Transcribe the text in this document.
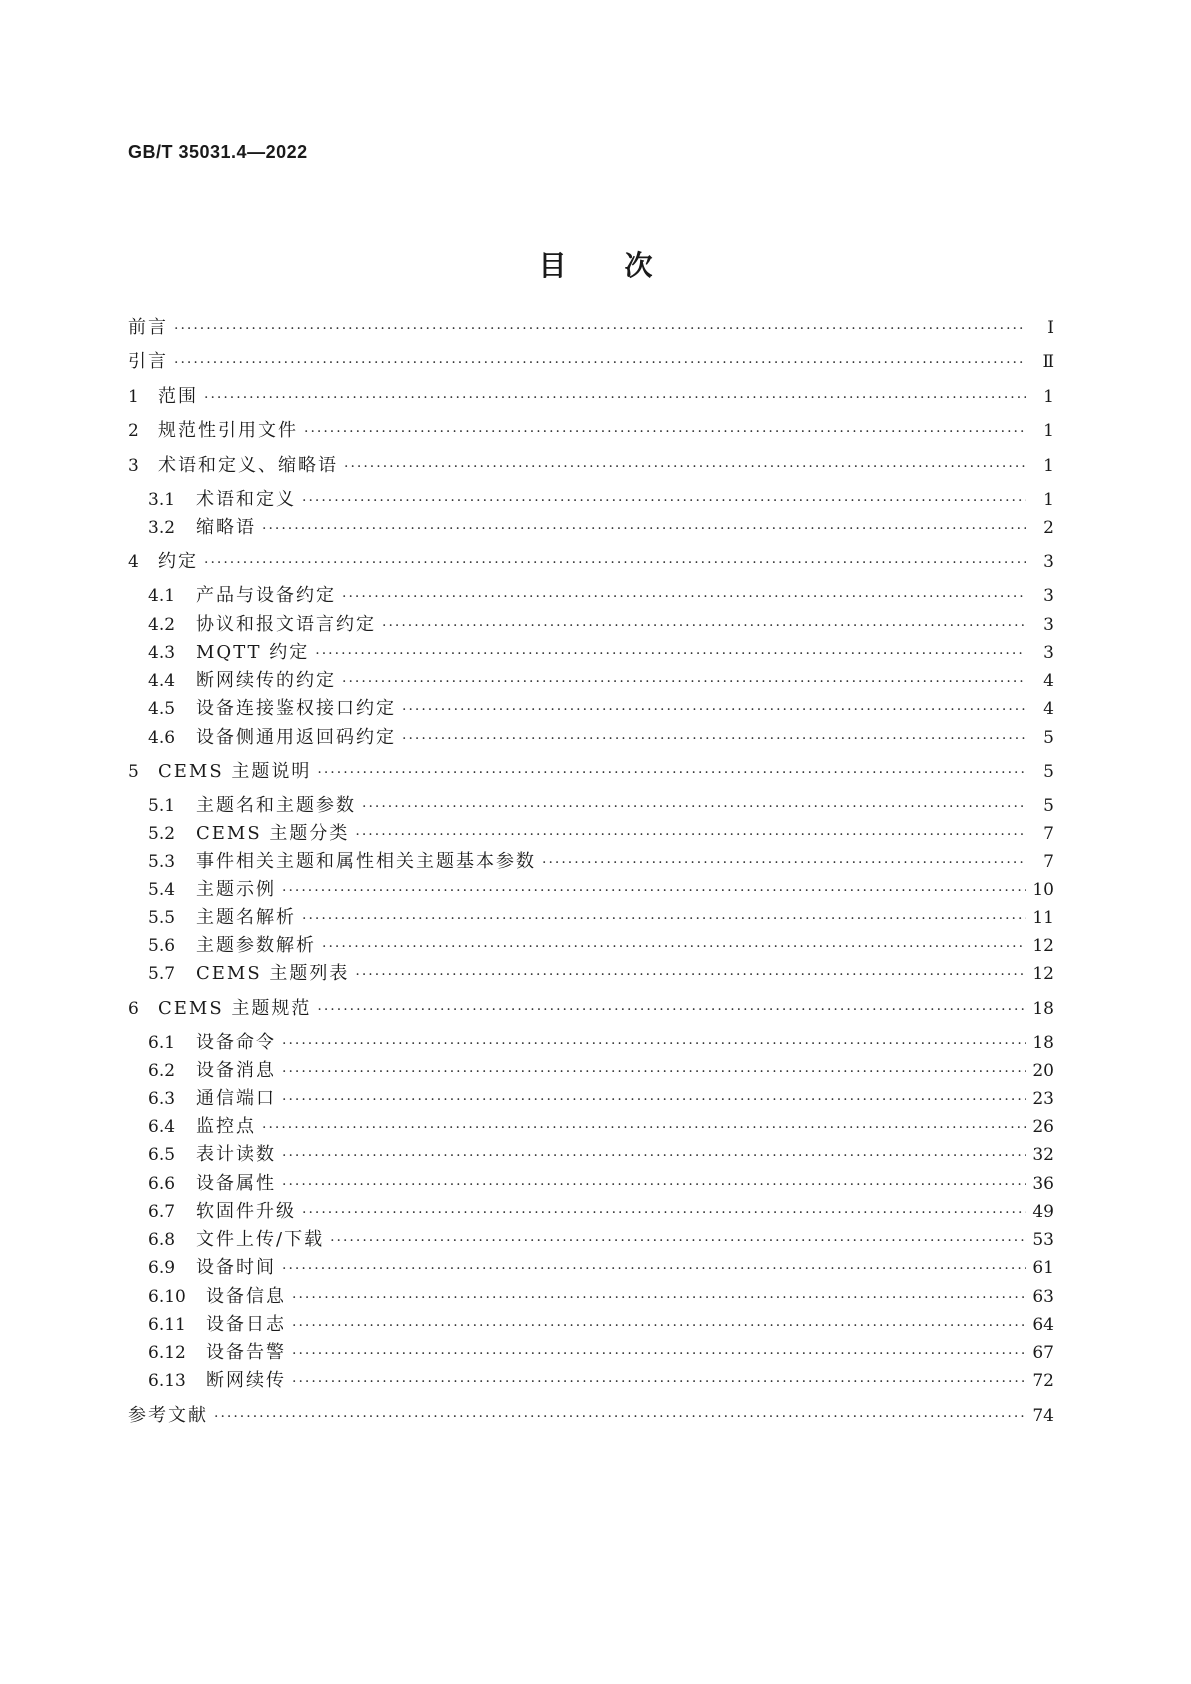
GB/T 35031.4—2022
目次
前言 ·····	Ⅰ
引言 ·····	Ⅱ
1	范围 ·····	1
2	规范性引用文件 ·····	1
3	术语和定义、缩略语 ·····	1
3.1	术语和定义 ·····	1
3.2	缩略语 ·····	2
4	约定 ·····	3
4.1	产品与设备约定 ·····	3
4.2	协议和报文语言约定 ·····	3
4.3	MQTT 约定 ·····	3
4.4	断网续传的约定 ·····	4
4.5	设备连接鉴权接口约定 ·····	4
4.6	设备侧通用返回码约定 ·····	5
5	CEMS 主题说明 ·····	5
5.1	主题名和主题参数 ·····	5
5.2	CEMS 主题分类 ·····	7
5.3	事件相关主题和属性相关主题基本参数 ·····	7
5.4	主题示例 ·····	10
5.5	主题名解析 ·····	11
5.6	主题参数解析 ·····	12
5.7	CEMS 主题列表 ·····	12
6	CEMS 主题规范 ·····	18
6.1	设备命令 ·····	18
6.2	设备消息 ·····	20
6.3	通信端口 ·····	23
6.4	监控点 ·····	26
6.5	表计读数 ·····	32
6.6	设备属性 ·····	36
6.7	软固件升级 ·····	49
6.8	文件上传/下载 ·····	53
6.9	设备时间 ·····	61
6.10	设备信息 ·····	63
6.11	设备日志 ·····	64
6.12	设备告警 ·····	67
6.13	断网续传 ·····	72
参考文献 ·····	74
